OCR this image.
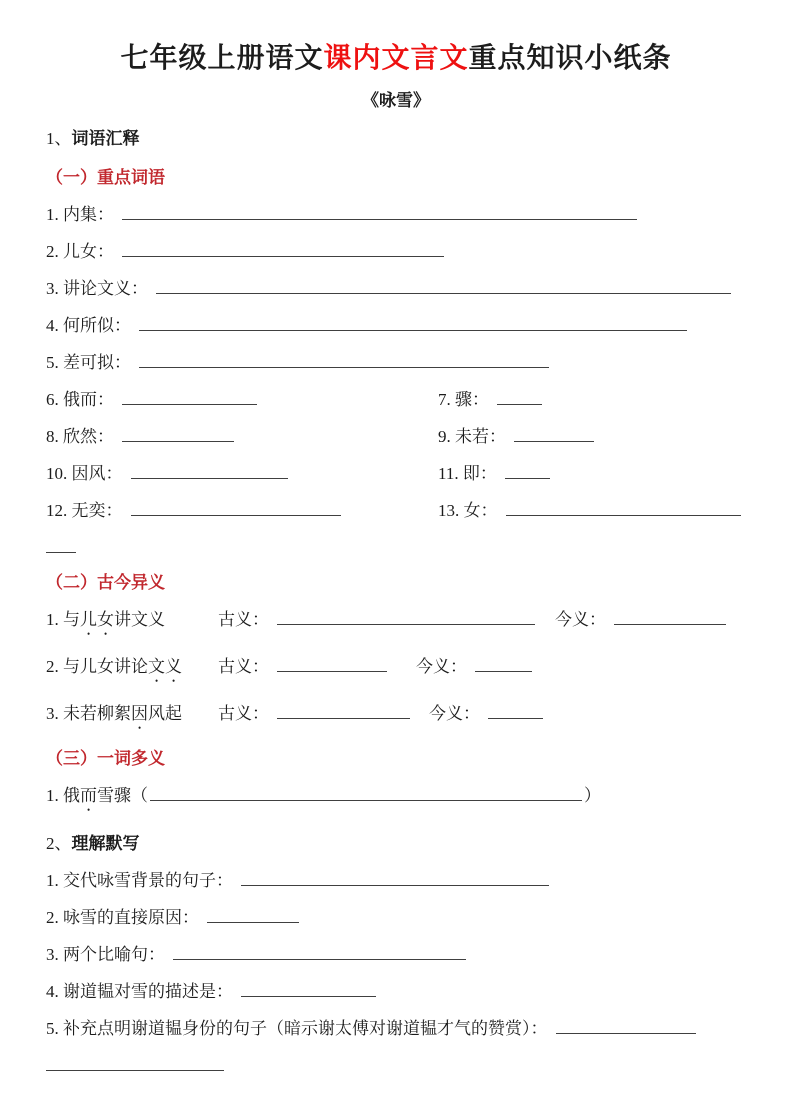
七年级上册语文课内文言文重点知识小纸条
《咏雪》
1、词语汇释
（一）重点词语
1. 内集：
2. 儿女：
3. 讲论文义：
4. 何所似：
5. 差可拟：
6. 俄而：	7. 骤：
8. 欣然：	9. 未若：
10. 因风：	11. 即：
12. 无奕：	13. 女：
（二）古今异义
1. 与儿女讲文义	古义：	今义：
2. 与儿女讲论文义	古义：	今义：
3. 未若柳絮因风起	古义：	今义：
（三）一词多义
1. 俄而雪骤（	）
2、理解默写
1. 交代咏雪背景的句子：
2. 咏雪的直接原因：
3. 两个比喻句：
4. 谢道韫对雪的描述是：
5. 补充点明谢道韫身份的句子（暗示谢太傅对谢道韫才气的赞赏）：
